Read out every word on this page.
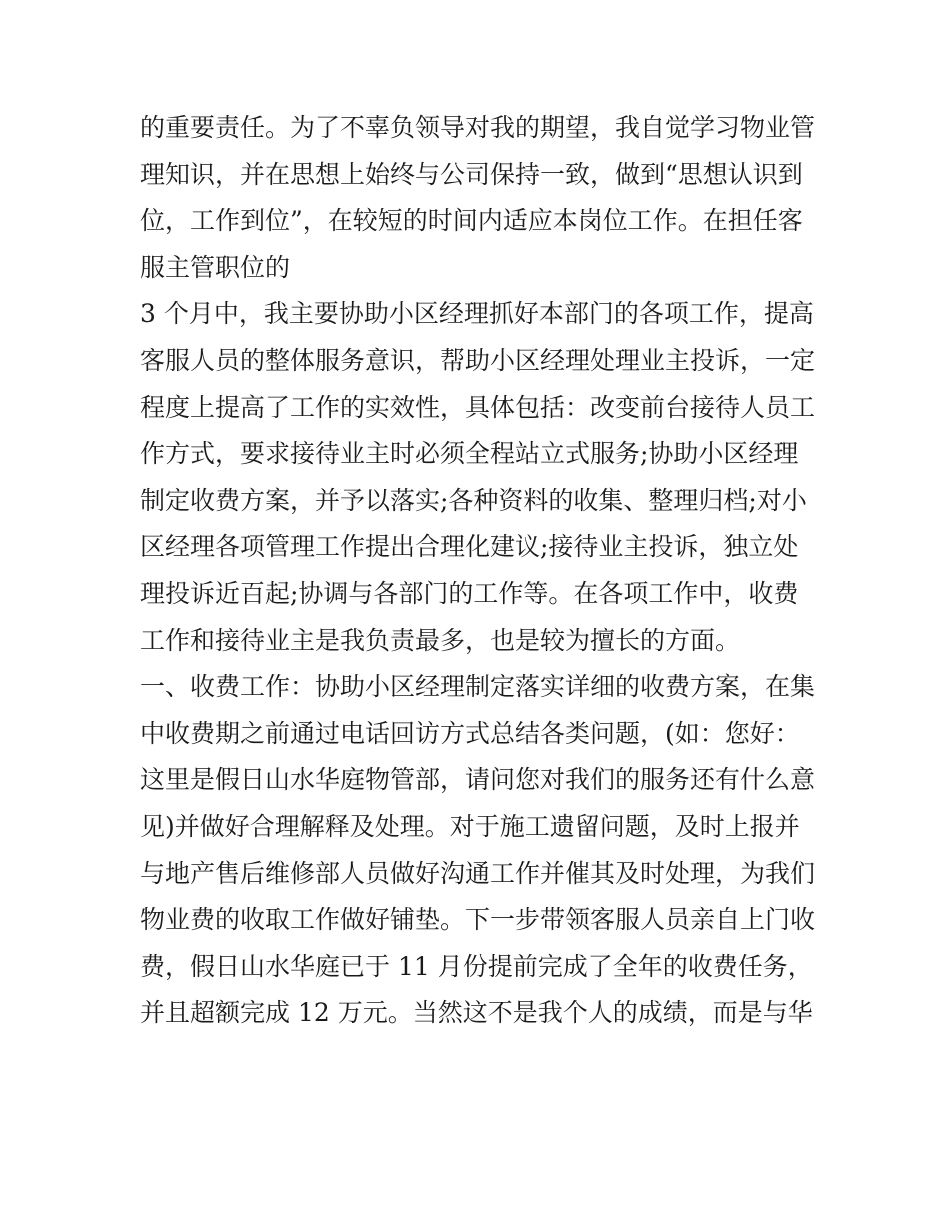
的重要责任。为了不辜负领导对我的期望，我自觉学习物业管
理知识，并在思想上始终与公司保持一致，做到“思想认识到
位，工作到位”，在较短的时间内适应本岗位工作。在担任客
服主管职位的
3 个月中，我主要协助小区经理抓好本部门的各项工作，提高
客服人员的整体服务意识，帮助小区经理处理业主投诉，一定
程度上提高了工作的实效性，具体包括：改变前台接待人员工
作方式，要求接待业主时必须全程站立式服务;协助小区经理
制定收费方案，并予以落实;各种资料的收集、整理归档;对小
区经理各项管理工作提出合理化建议;接待业主投诉，独立处
理投诉近百起;协调与各部门的工作等。在各项工作中，收费
工作和接待业主是我负责最多，也是较为擅长的方面。
一、收费工作：协助小区经理制定落实详细的收费方案，在集
中收费期之前通过电话回访方式总结各类问题，(如：您好：
这里是假日山水华庭物管部，请问您对我们的服务还有什么意
见)并做好合理解释及处理。对于施工遗留问题，及时上报并
与地产售后维修部人员做好沟通工作并催其及时处理，为我们
物业费的收取工作做好铺垫。下一步带领客服人员亲自上门收
费，假日山水华庭已于 11 月份提前完成了全年的收费任务，
并且超额完成 12 万元。当然这不是我个人的成绩，而是与华
